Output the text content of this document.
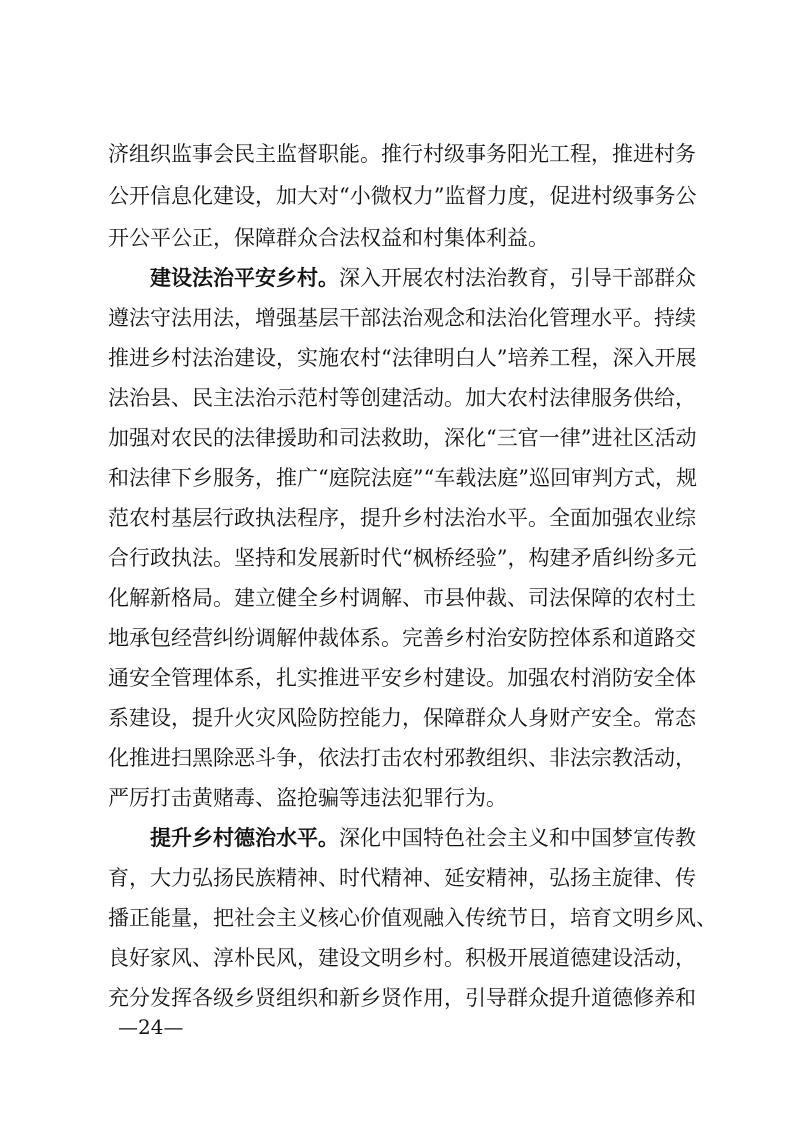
济组织监事会民主监督职能。推行村级事务阳光工程，推进村务
公开信息化建设，加大对“小微权力”监督力度，促进村级事务公
开公平公正，保障群众合法权益和村集体利益。
建设法治平安乡村。深入开展农村法治教育，引导干部群众
遵法守法用法，增强基层干部法治观念和法治化管理水平。持续
推进乡村法治建设，实施农村“法律明白人”培养工程，深入开展
法治县、民主法治示范村等创建活动。加大农村法律服务供给，
加强对农民的法律援助和司法救助，深化“三官一律”进社区活动
和法律下乡服务，推广“庭院法庭”“车载法庭”巡回审判方式，规
范农村基层行政执法程序，提升乡村法治水平。全面加强农业综
合行政执法。坚持和发展新时代“枫桥经验”，构建矛盾纠纷多元
化解新格局。建立健全乡村调解、市县仲裁、司法保障的农村土
地承包经营纠纷调解仲裁体系。完善乡村治安防控体系和道路交
通安全管理体系，扎实推进平安乡村建设。加强农村消防安全体
系建设，提升火灾风险防控能力，保障群众人身财产安全。常态
化推进扫黑除恶斗争，依法打击农村邪教组织、非法宗教活动，
严厉打击黄赌毒、盗抢骗等违法犯罪行为。
提升乡村德治水平。深化中国特色社会主义和中国梦宣传教
育，大力弘扬民族精神、时代精神、延安精神，弘扬主旋律、传
播正能量，把社会主义核心价值观融入传统节日，培育文明乡风、
良好家风、淳朴民风，建设文明乡村。积极开展道德建设活动，
充分发挥各级乡贤组织和新乡贤作用，引导群众提升道德修养和
—24—
